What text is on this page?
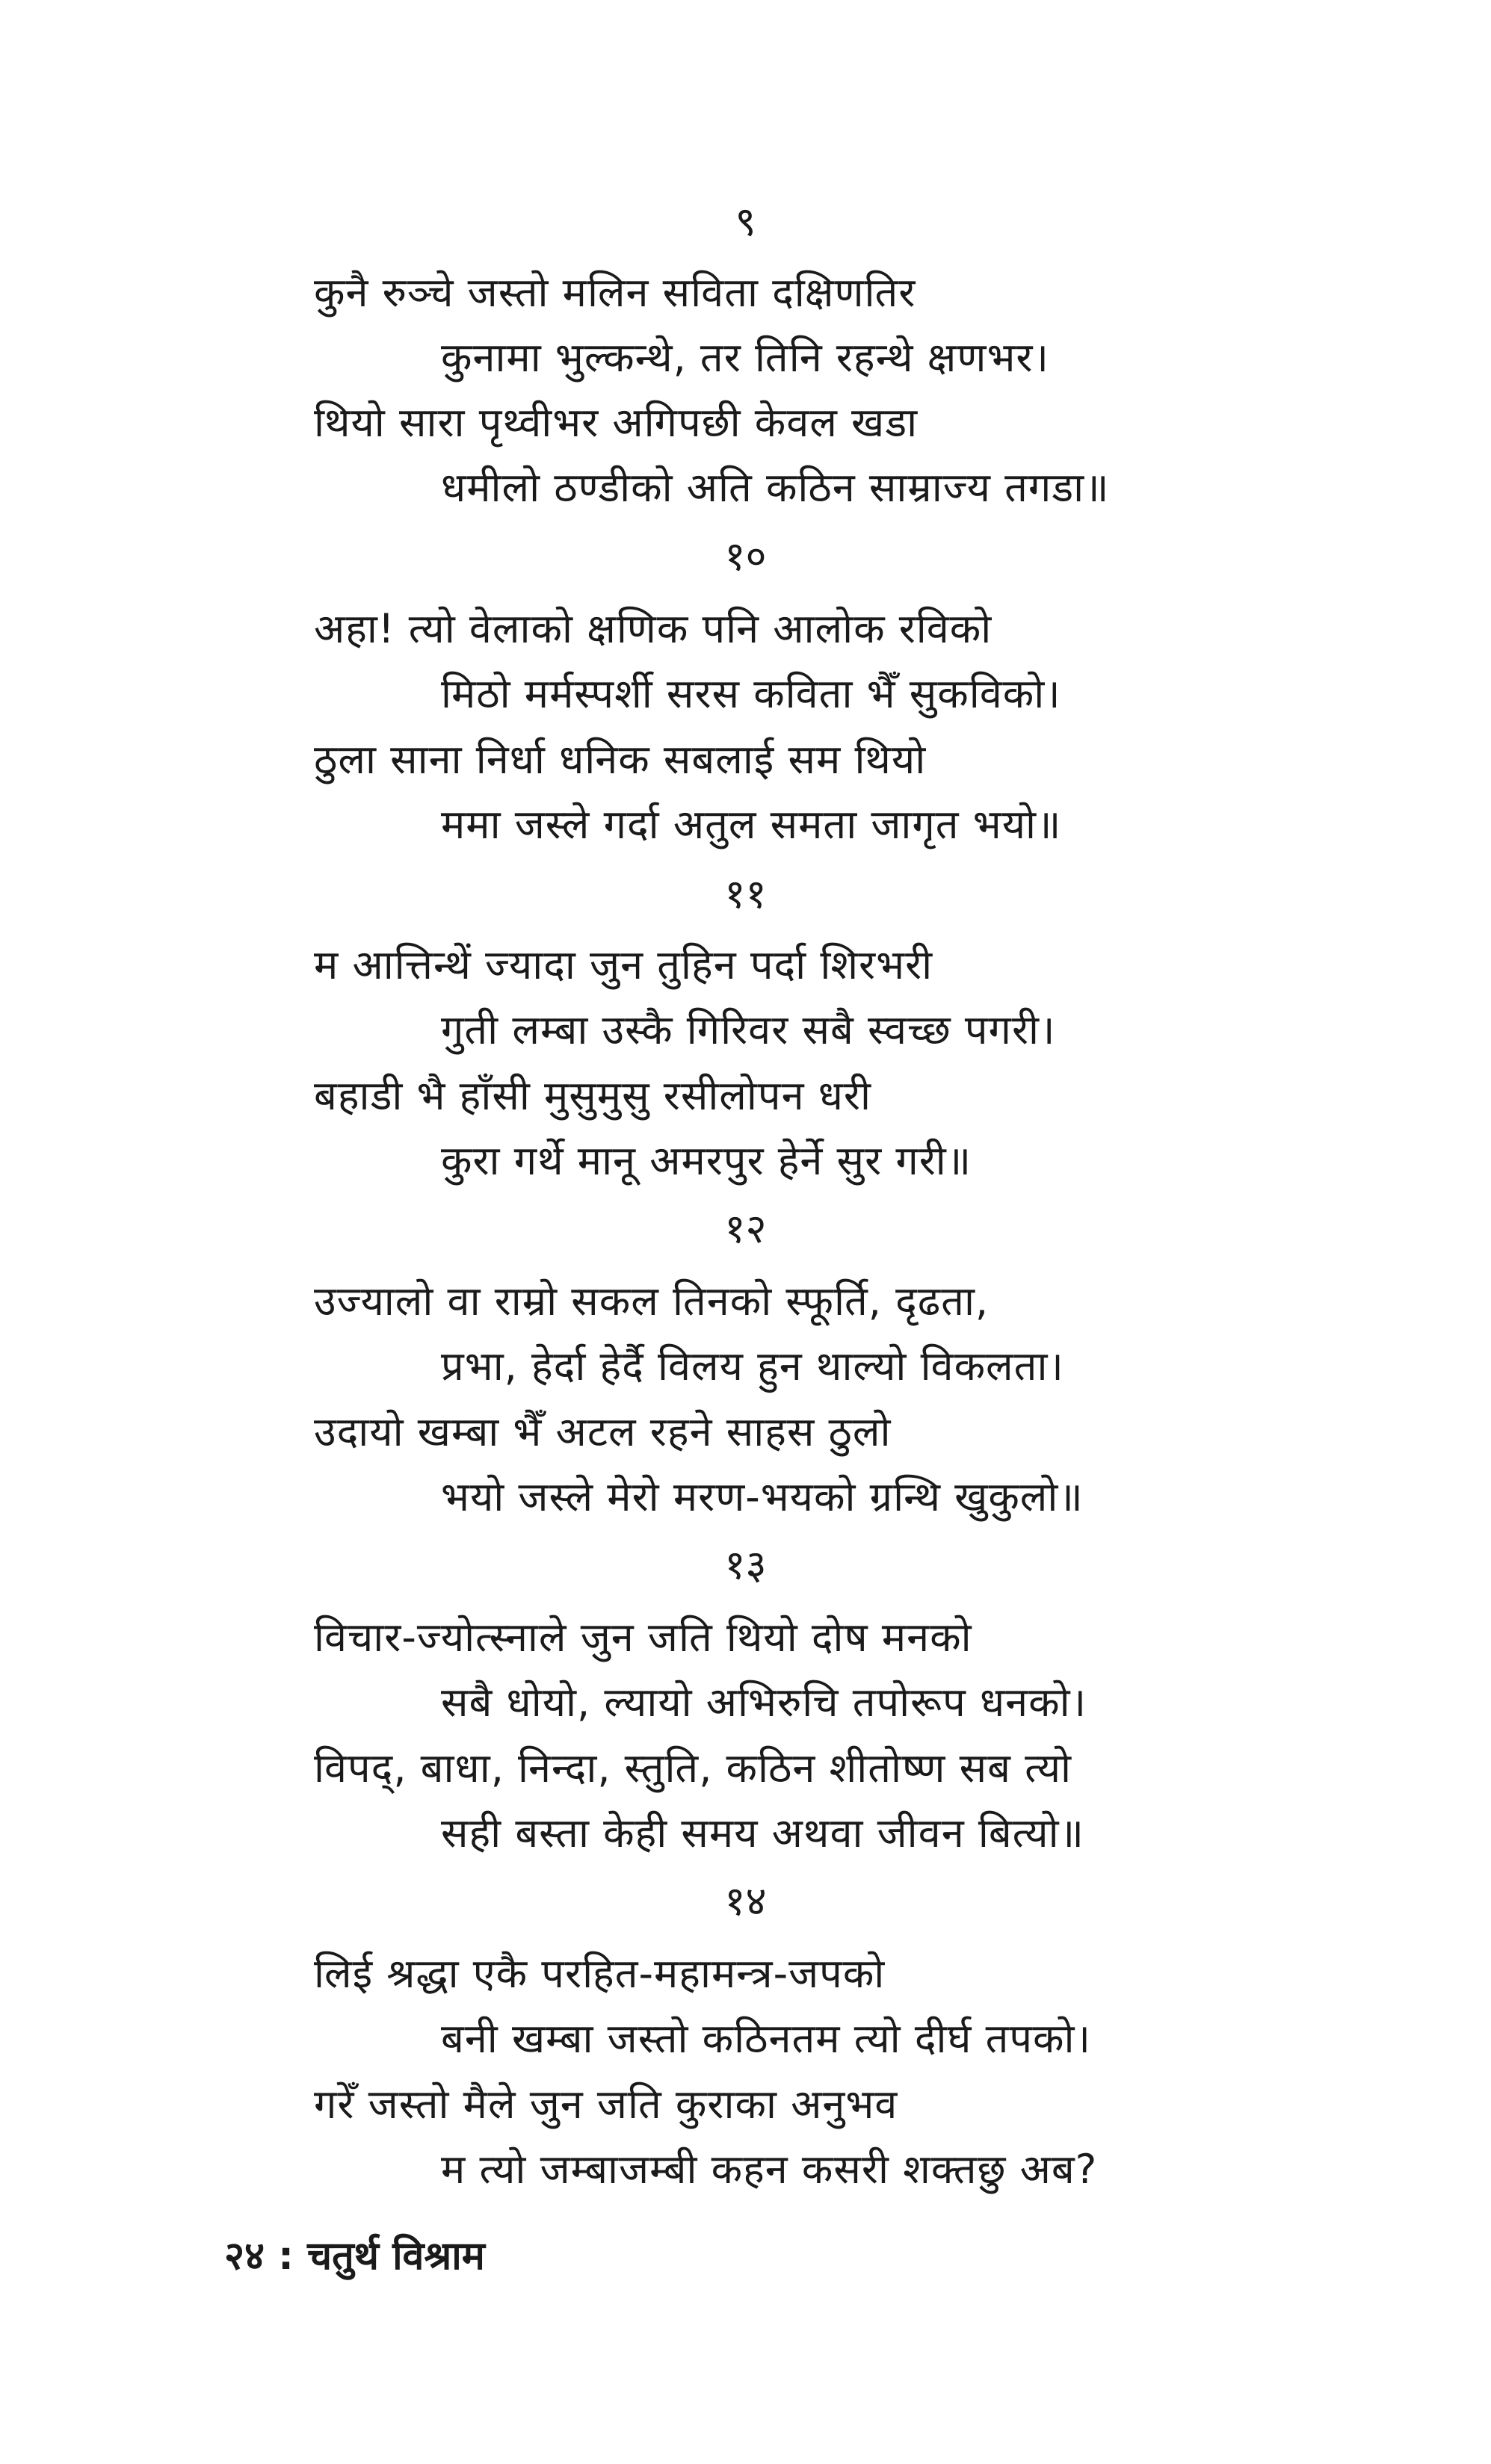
९
कुनै रुञ्चे जस्तो मलिन सविता दक्षिणतिर
कुनामा भुल्कन्थे, तर तिनि रहन्थे क्षणभर।
थियो सारा पृथ्वीभर अगिपछी केवल खडा
धमीलो ठण्डीको अति कठिन साम्राज्य तगडा॥
१०
अहा! त्यो वेलाको क्षणिक पनि आलोक रविको
मिठो मर्मस्पर्शी सरस कविता भैँ सुकविको।
ठुला साना निर्धा धनिक सबलाई सम थियो
ममा जस्ले गर्दा अतुल समता जागृत भयो॥
११
म आत्तिन्थें ज्यादा जुन तुहिन पर्दा शिरभरी
गुती लम्बा उस्कै गिरिवर सबै स्वच्छ पगरी।
बहाडी भै हाँसी मुसुमुसु रसीलोपन धरी
कुरा गर्थे मानू अमरपुर हेर्ने सुर गरी॥
१२
उज्यालो वा राम्रो सकल तिनको स्फूर्ति, दृढता,
प्रभा, हेर्दा हेर्दै विलय हुन थाल्यो विकलता।
उदायो खम्बा भैँ अटल रहने साहस ठुलो
भयो जस्ले मेरो मरण-भयको ग्रन्थि खुकुलो॥
१३
विचार-ज्योत्स्नाले जुन जति थियो दोष मनको
सबै धोयो, ल्यायो अभिरुचि तपोरूप धनको।
विपद्, बाधा, निन्दा, स्तुति, कठिन शीतोष्ण सब त्यो
सही बस्ता केही समय अथवा जीवन बित्यो॥
१४
लिई श्रद्धा एकै परहित-महामन्त्र-जपको
बनी खम्बा जस्तो कठिनतम त्यो दीर्घ तपको।
गरेँ जस्तो मैले जुन जति कुराका अनुभव
म त्यो जम्बाजम्बी कहन कसरी शक्तछु अब?
२४ : चतुर्थ विश्राम
